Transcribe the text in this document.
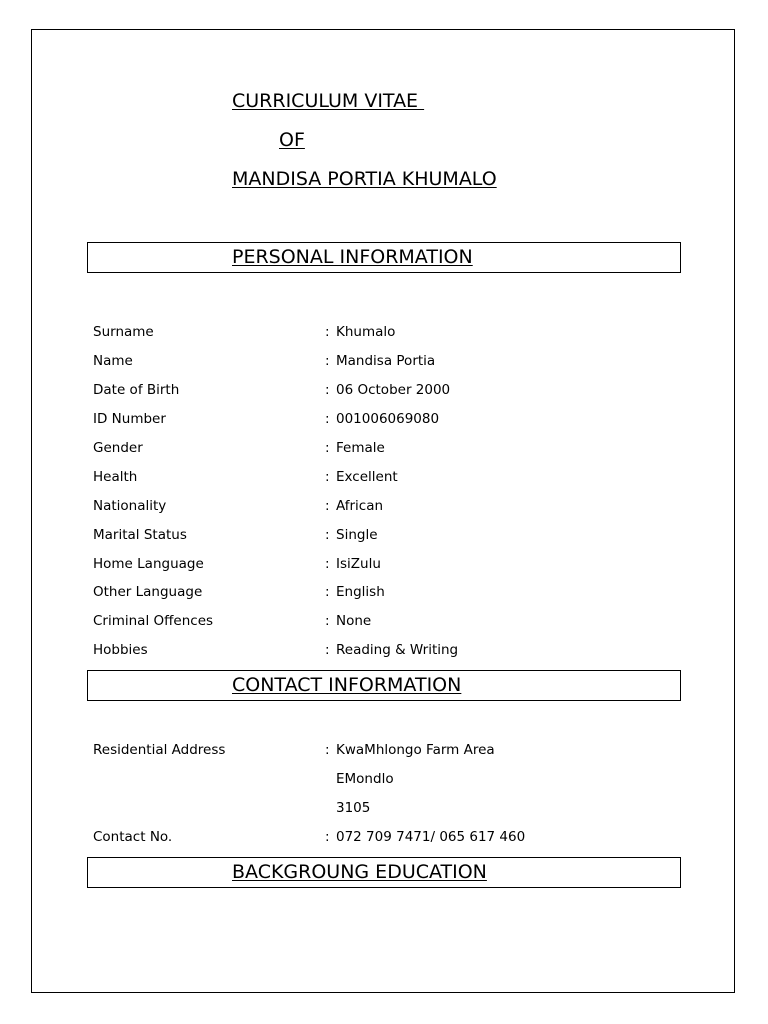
CURRICULUM VITAE
OF
MANDISA PORTIA KHUMALO
PERSONAL INFORMATION
Surname	: Khumalo
Name	: Mandisa Portia
Date of Birth	: 06 October 2000
ID Number	: 001006069080
Gender	: Female
Health	: Excellent
Nationality	: African
Marital Status	: Single
Home Language	: IsiZulu
Other Language	: English
Criminal Offences	: None
Hobbies	: Reading & Writing
CONTACT INFORMATION
Residential Address	: KwaMhlongo Farm Area
EMondlo
3105
Contact No.	: 072 709 7471/ 065 617 460
BACKGROUNG EDUCATION
